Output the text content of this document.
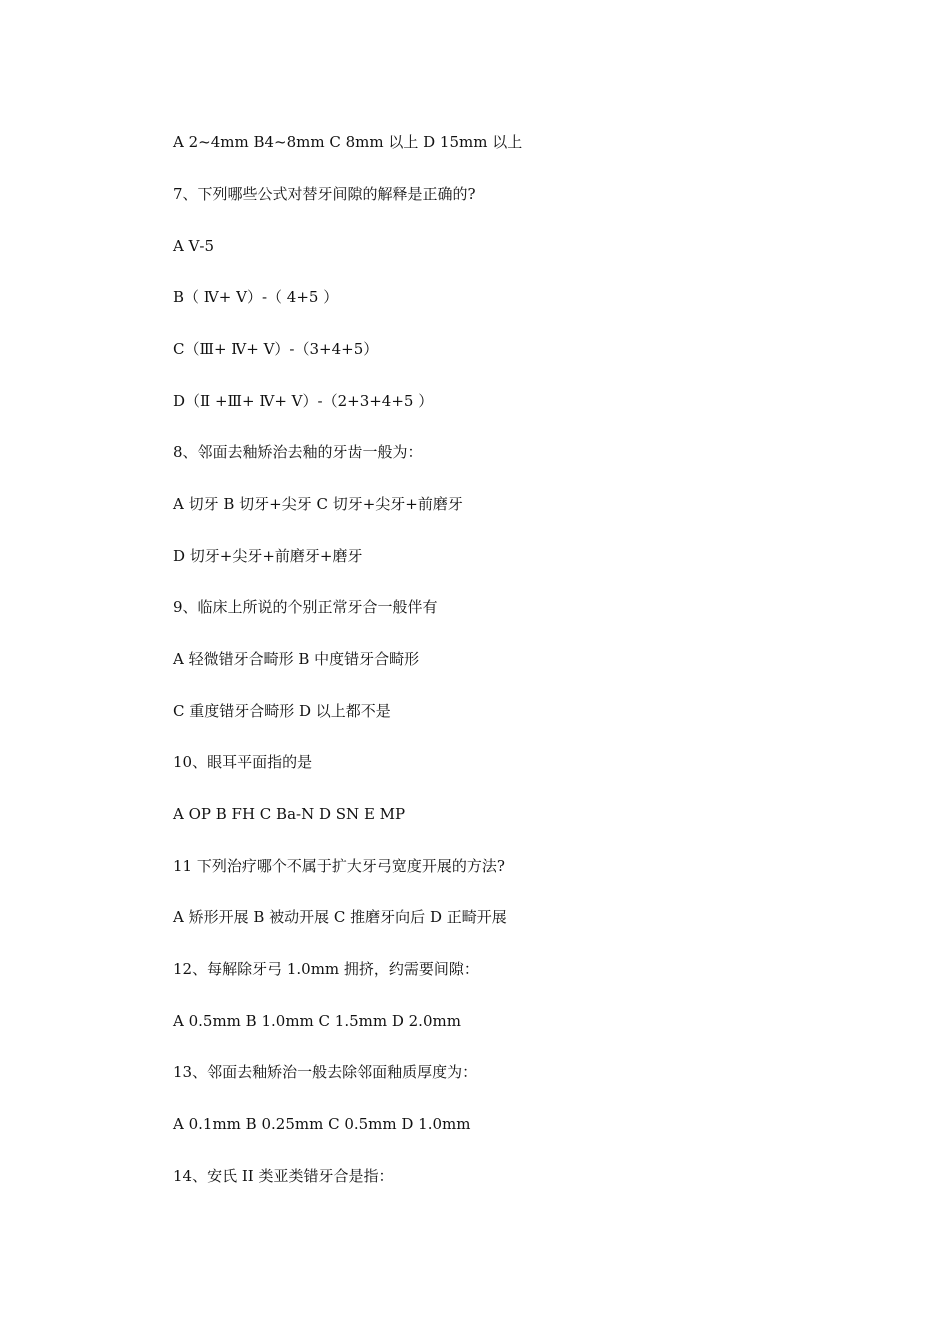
A 2~4mm B4~8mm C 8mm 以上 D 15mm 以上
7、下列哪些公式对替牙间隙的解释是正确的?
A Ⅴ-5
B（ Ⅳ+ Ⅴ）-（ 4+5 ）
C（Ⅲ+ Ⅳ+ Ⅴ）-（3+4+5）
D（Ⅱ +Ⅲ+ Ⅳ+ Ⅴ）-（2+3+4+5 ）
8、邻面去釉矫治去釉的牙齿一般为：
A 切牙 B 切牙+尖牙 C 切牙+尖牙+前磨牙
D 切牙+尖牙+前磨牙+磨牙
9、临床上所说的个别正常牙合一般伴有
A 轻微错牙合畸形 B 中度错牙合畸形
C 重度错牙合畸形 D 以上都不是
10、眼耳平面指的是
A OP B FH C Ba-N D SN E MP
11 下列治疗哪个不属于扩大牙弓宽度开展的方法?
A 矫形开展 B 被动开展 C 推磨牙向后 D 正畸开展
12、每解除牙弓 1.0mm 拥挤，约需要间隙：
A 0.5mm B 1.0mm C 1.5mm D 2.0mm
13、邻面去釉矫治一般去除邻面釉质厚度为：
A 0.1mm B 0.25mm C 0.5mm D 1.0mm
14、安氏 II 类亚类错牙合是指：
